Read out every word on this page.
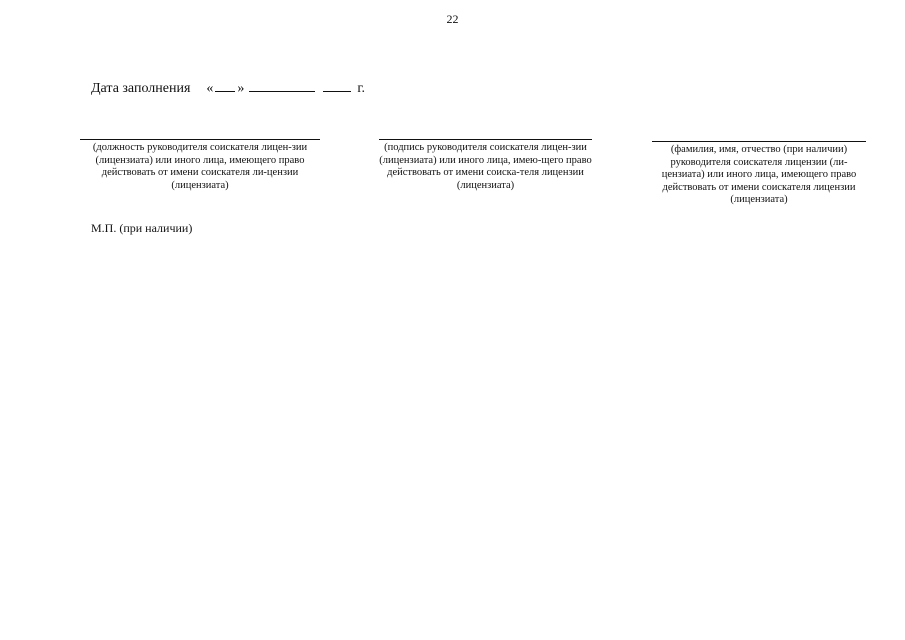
22
Дата заполнения « »	г.
(должность руководителя соискателя лицен-зии (лицензиата) или иного лица, имеющего право действовать от имени соискателя ли-цензии (лицензиата)
(подпись руководителя соискателя лицен-зии (лицензиата) или иного лица, имею-щего право действовать от имени соиска-теля лицензии (лицензиата)
(фамилия, имя, отчество (при наличии) руководителя соискателя лицензии (ли-цензиата) или иного лица, имеющего право действовать от имени соискателя лицензии (лицензиата)
М.П. (при наличии)
